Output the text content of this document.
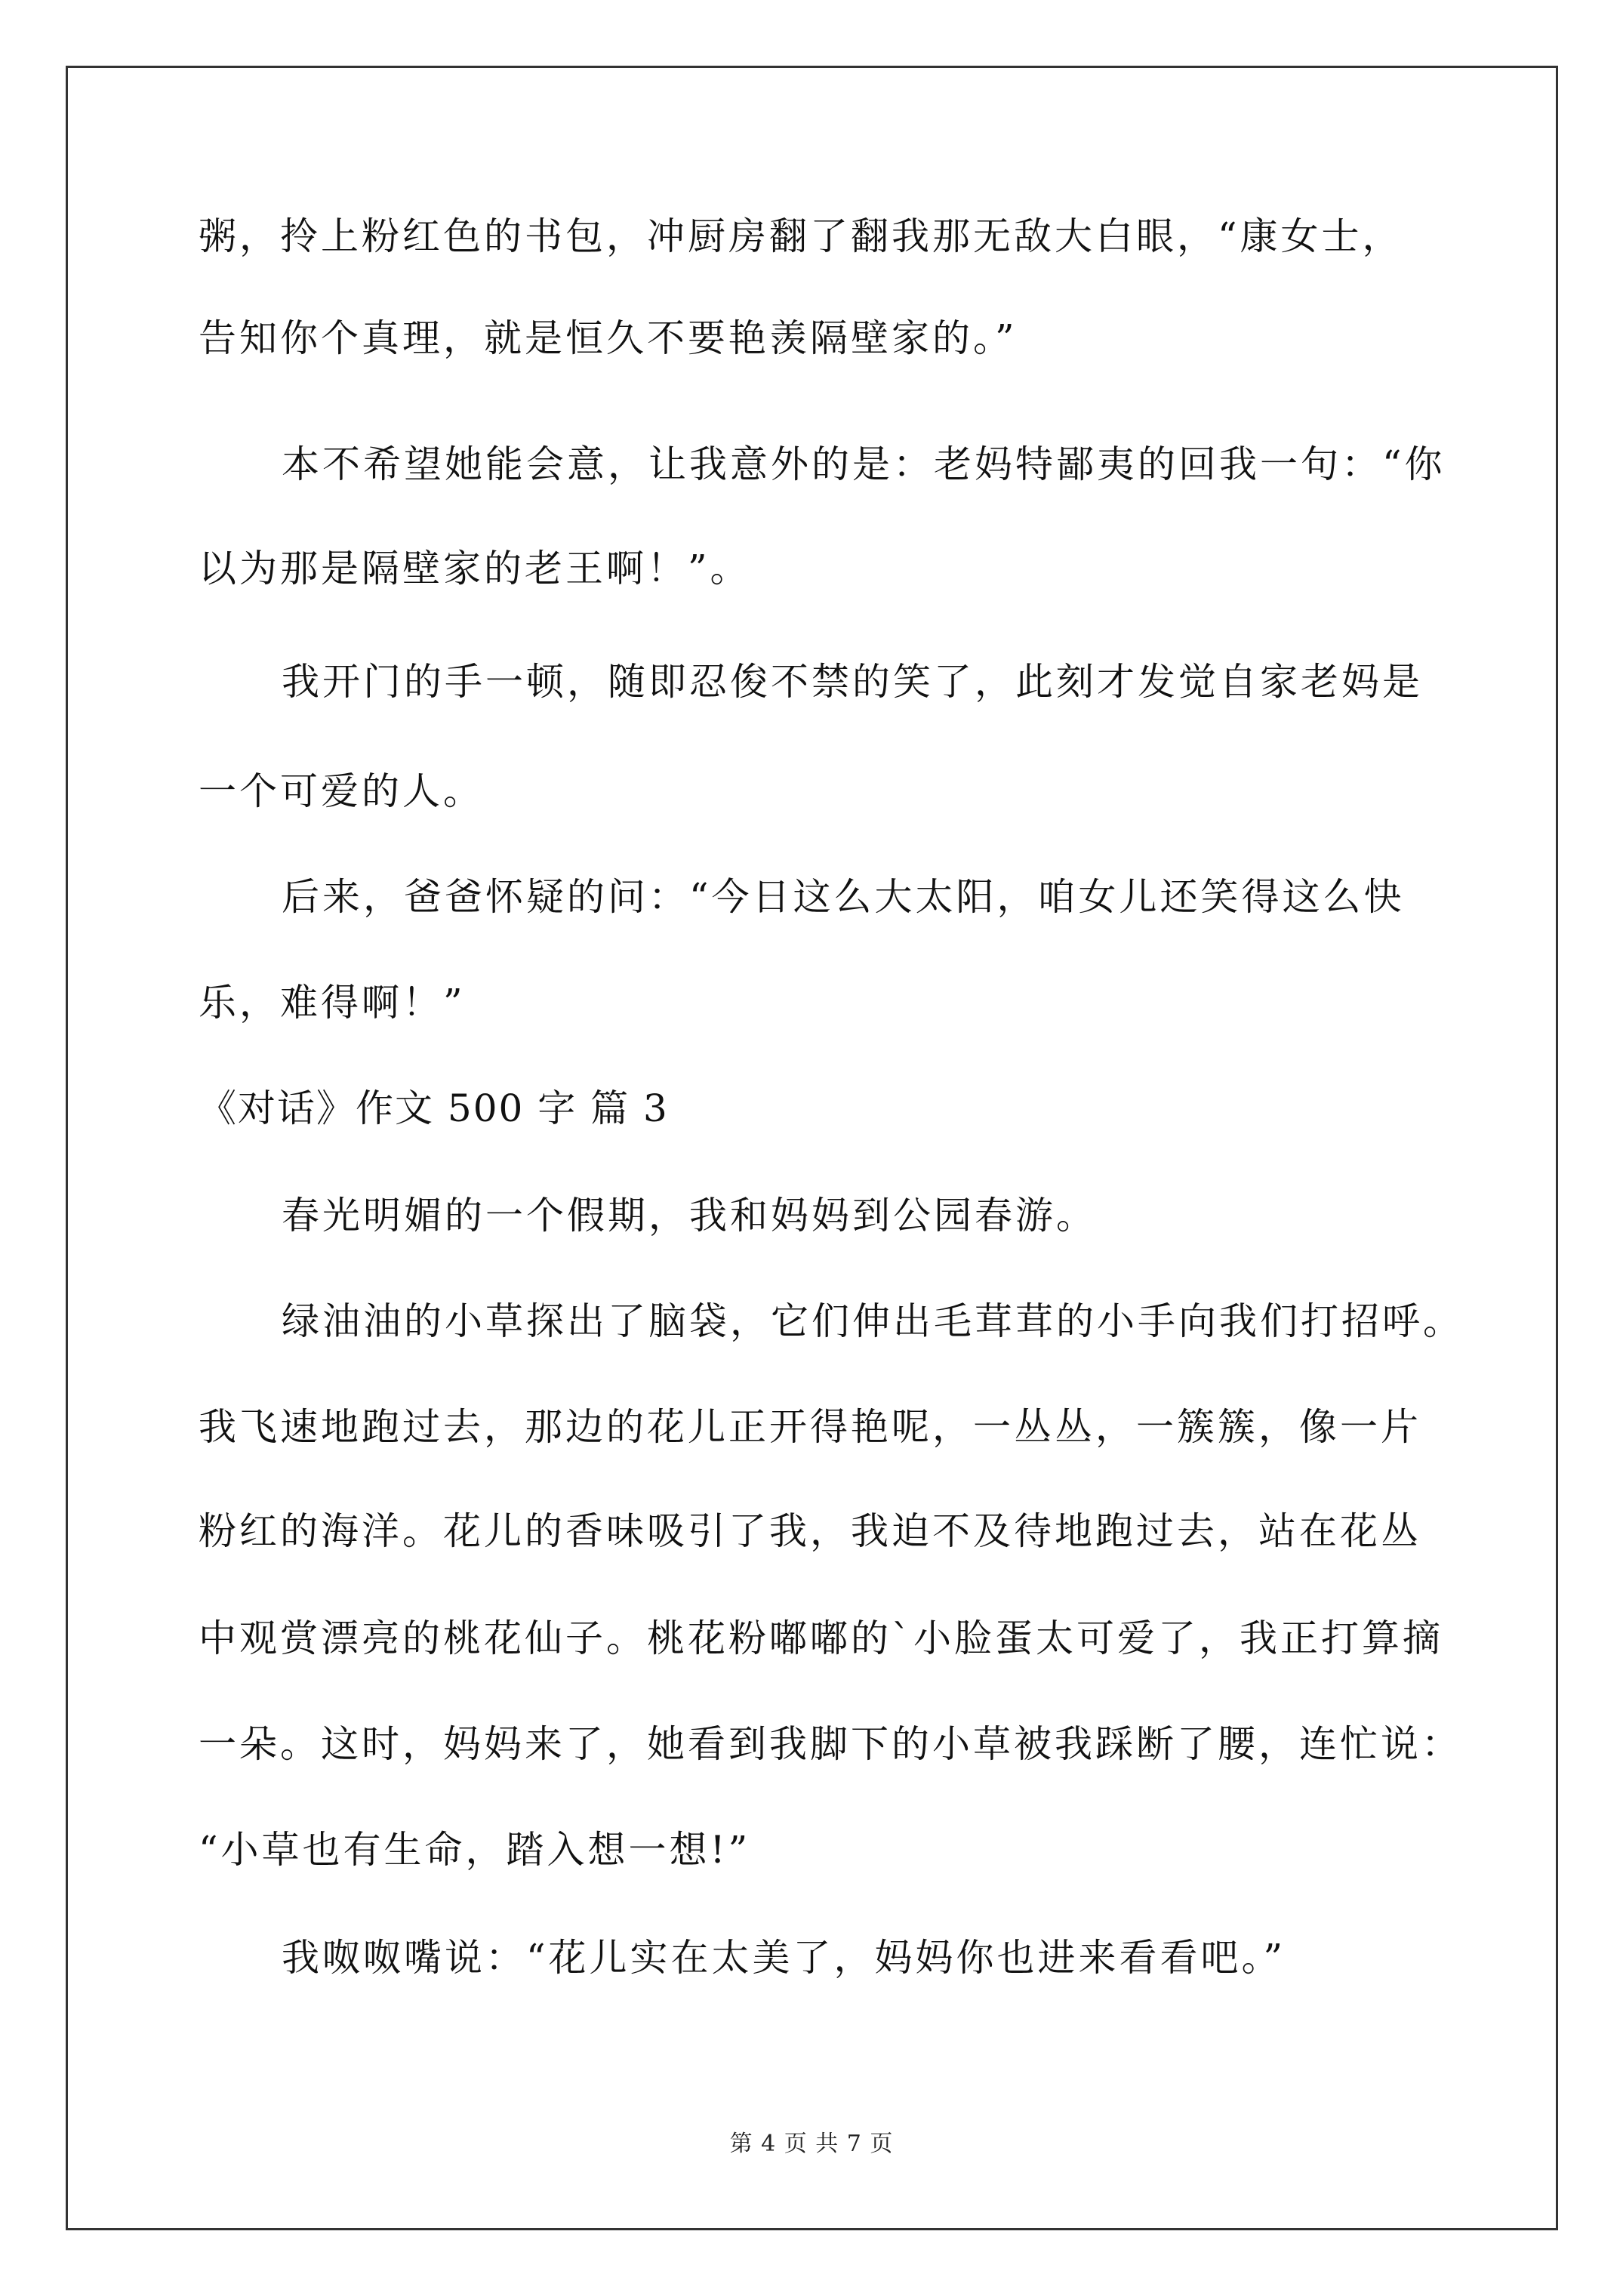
粥，拎上粉红色的书包，冲厨房翻了翻我那无敌大白眼，“康女士，
告知你个真理，就是恒久不要艳羡隔壁家的。”
本不希望她能会意，让我意外的是：老妈特鄙夷的回我一句：“你
以为那是隔壁家的老王啊！”。
我开门的手一顿，随即忍俊不禁的笑了，此刻才发觉自家老妈是
一个可爱的人。
后来，爸爸怀疑的问：“今日这么大太阳，咱女儿还笑得这么快
乐，难得啊！”
《对话》作文 500 字 篇 3
春光明媚的一个假期，我和妈妈到公园春游。
绿油油的小草探出了脑袋，它们伸出毛茸茸的小手向我们打招呼。
我飞速地跑过去，那边的花儿正开得艳呢，一丛丛，一簇簇，像一片
粉红的海洋。花儿的香味吸引了我，我迫不及待地跑过去，站在花丛
中观赏漂亮的桃花仙子。桃花粉嘟嘟的`小脸蛋太可爱了，我正打算摘
一朵。这时，妈妈来了，她看到我脚下的小草被我踩断了腰，连忙说：
“小草也有生命，踏入想一想!”
我呶呶嘴说：“花儿实在太美了，妈妈你也进来看看吧。”
第 4 页 共 7 页
